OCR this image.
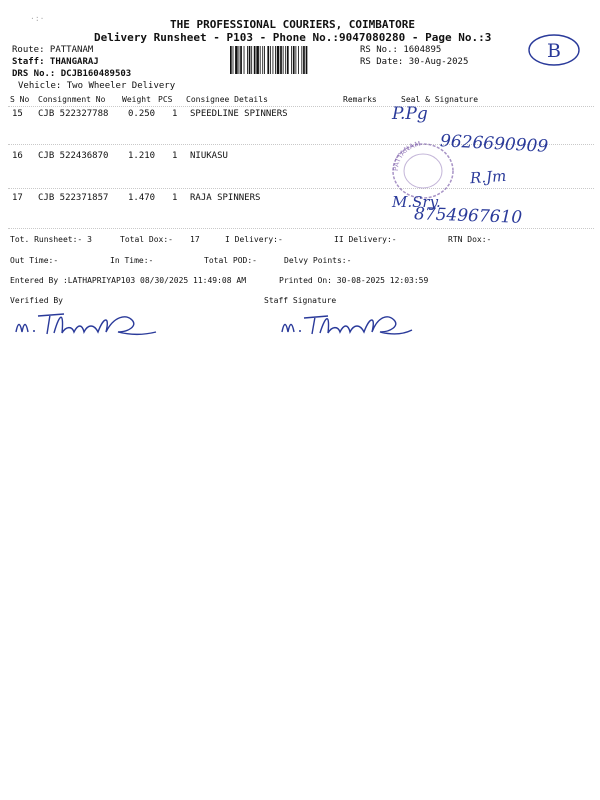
·:·	THE PROFESSIONAL COURIERS, COIMBATORE
Delivery Runsheet - P103 - Phone No.:9047080280 - Page No.:3
B
Route: PATTANAM
Staff: THANGARAJ
DRS No.: DCJB160489503
Vehicle: Two Wheeler Delivery
RS No.: 1604895
RS Date: 30-Aug-2025
S No Consignment No Weight PCS Consignee Details	Remarks	Seal & Signature
15 CJB 522327788 0.250 1 SPEEDLINE SPINNERS
16 CJB 522436870 1.210 1 NIUKASU
17 CJB 522371857 1.470 1 RAJA SPINNERS
PATTANAM
P.Pg
9626690909
R.Jm
M.Sry.
8754967610
Tot. Runsheet:- 3	Total Dox:- 17	I Delivery:-	II Delivery:-	RTN Dox:-
Out Time:-	In Time:-	Total POD:-	Delvy Points:-
Entered By :LATHAPRIYAP103 08/30/2025 11:49:08 AM	Printed On: 30-08-2025 12:03:59
Verified By	Staff Signature
